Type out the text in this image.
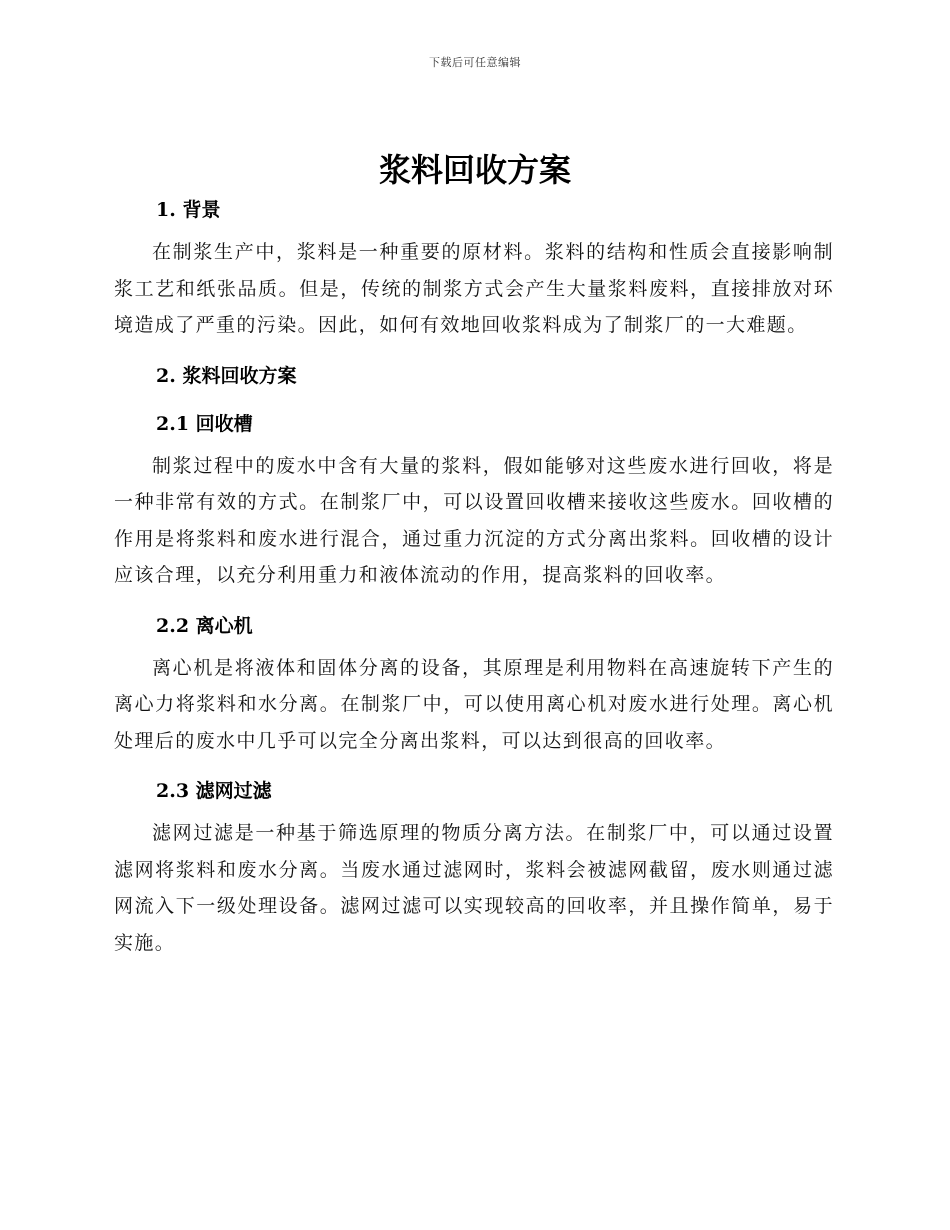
下载后可任意编辑
浆料回收方案
1. 背景

在制浆生产中，浆料是一种重要的原材料。浆料的结构和性质会直接影响制浆工艺和纸张品质。但是，传统的制浆方式会产生大量浆料废料，直接排放对环境造成了严重的污染。因此，如何有效地回收浆料成为了制浆厂的一大难题。

2. 浆料回收方案
2.1 回收槽

制浆过程中的废水中含有大量的浆料，假如能够对这些废水进行回收，将是一种非常有效的方式。在制浆厂中，可以设置回收槽来接收这些废水。回收槽的作用是将浆料和废水进行混合，通过重力沉淀的方式分离出浆料。回收槽的设计应该合理，以充分利用重力和液体流动的作用，提高浆料的回收率。

2.2 离心机

离心机是将液体和固体分离的设备，其原理是利用物料在高速旋转下产生的离心力将浆料和水分离。在制浆厂中，可以使用离心机对废水进行处理。离心机处理后的废水中几乎可以完全分离出浆料，可以达到很高的回收率。

2.3 滤网过滤

滤网过滤是一种基于筛选原理的物质分离方法。在制浆厂中，可以通过设置滤网将浆料和废水分离。当废水通过滤网时，浆料会被滤网截留，废水则通过滤网流入下一级处理设备。滤网过滤可以实现较高的回收率，并且操作简单，易于实施。
